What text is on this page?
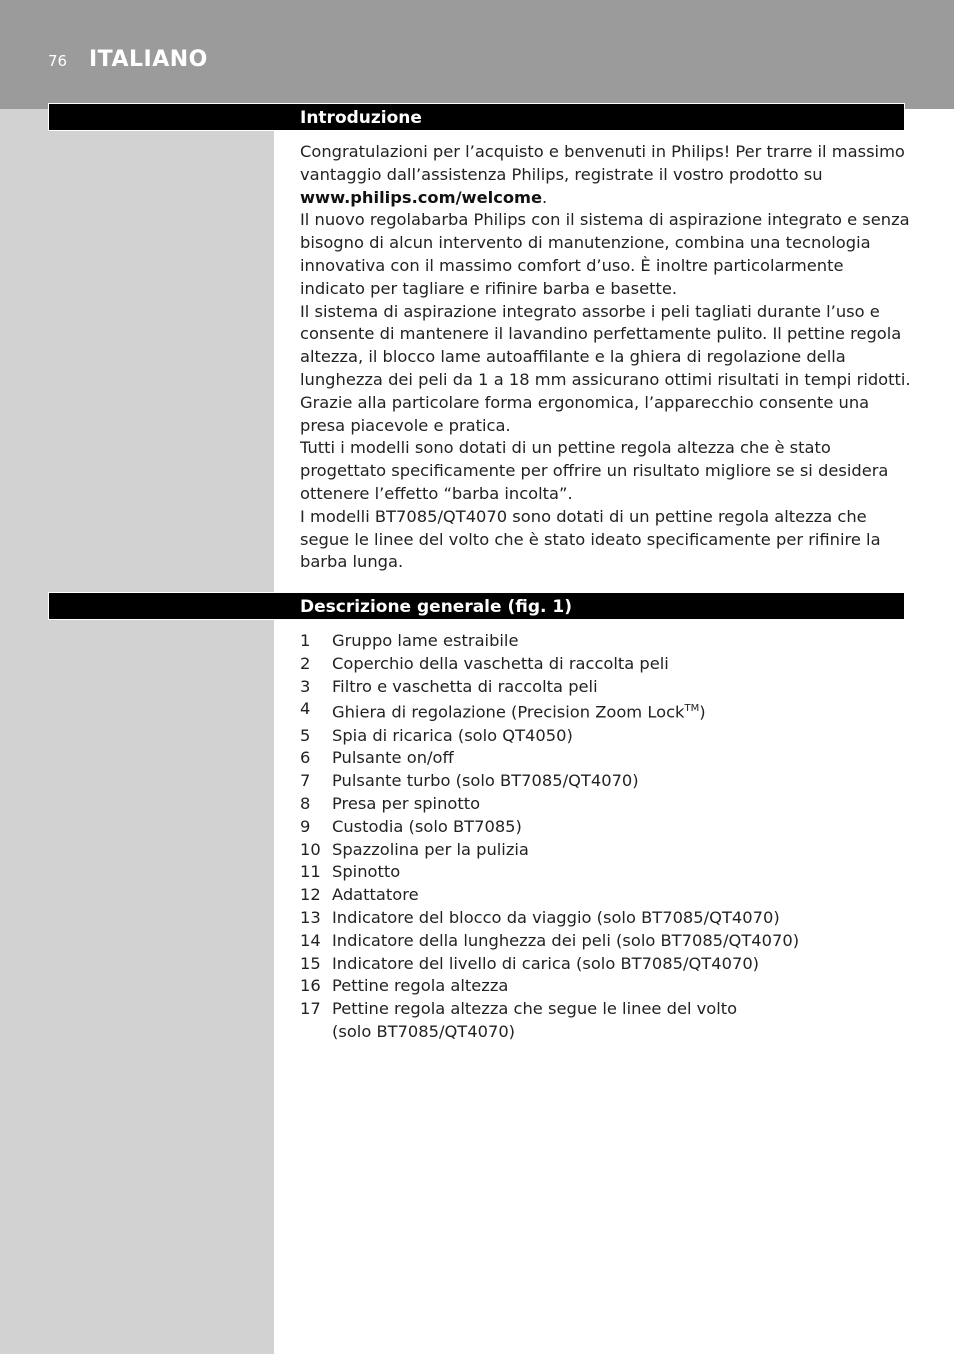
76 ITALIANO
Introduzione

Congratulazioni per l’acquisto e benvenuti in Philips! Per trarre il massimo vantaggio dall’assistenza Philips, registrate il vostro prodotto su www.philips.com/welcome.

Il nuovo regolabarba Philips con il sistema di aspirazione integrato e senza bisogno di alcun intervento di manutenzione, combina una tecnologia innovativa con il massimo comfort d’uso. È inoltre particolarmente indicato per tagliare e rifinire barba e basette.

Il sistema di aspirazione integrato assorbe i peli tagliati durante l’uso e consente di mantenere il lavandino perfettamente pulito. Il pettine regola altezza, il blocco lame autoaffilante e la ghiera di regolazione della lunghezza dei peli da 1 a 18 mm assicurano ottimi risultati in tempi ridotti. Grazie alla particolare forma ergonomica, l’apparecchio consente una presa piacevole e pratica.

Tutti i modelli sono dotati di un pettine regola altezza che è stato progettato specificamente per offrire un risultato migliore se si desidera ottenere l’effetto “barba incolta”.

I modelli BT7085/QT4070 sono dotati di un pettine regola altezza che segue le linee del volto che è stato ideato specificamente per rifinire la barba lunga.

Descrizione generale (fig. 1)
1	Gruppo lame estraibile
2	Coperchio della vaschetta di raccolta peli
3	Filtro e vaschetta di raccolta peli
4	Ghiera di regolazione (Precision Zoom Lock™)
5	Spia di ricarica (solo QT4050)
6	Pulsante on/off
7	Pulsante turbo (solo BT7085/QT4070)
8	Presa per spinotto
9	Custodia (solo BT7085)
10 Spazzolina per la pulizia
11 Spinotto
12 Adattatore
13 Indicatore del blocco da viaggio (solo BT7085/QT4070)
14 Indicatore della lunghezza dei peli (solo BT7085/QT4070)
15 Indicatore del livello di carica (solo BT7085/QT4070)
16 Pettine regola altezza
17 Pettine regola altezza che segue le linee del volto
(solo BT7085/QT4070)
